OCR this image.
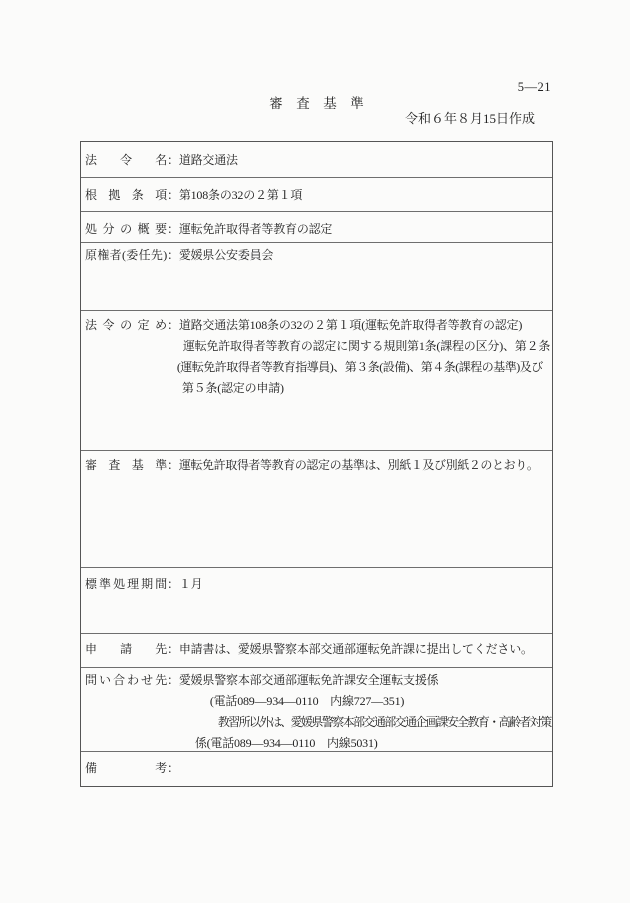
5―21
審　査　基　準
令和６年８月15日作成
法令名 ： 道路交通法
根拠条項 ： 第108条の32の２第１項
処分の概要 ： 運転免許取得者等教育の認定
原権者(委任先) ： 愛媛県公安委員会
法令の定め ： 道路交通法第108条の32の２第１項(運転免許取得者等教育の認定)
運転免許取得者等教育の認定に関する規則第1条(課程の区分)、第２条
(運転免許取得者等教育指導員)、第３条(設備)、第４条(課程の基準)及び
第５条(認定の申請)
審査基準 ： 運転免許取得者等教育の認定の基準は、別紙１及び別紙２のとおり。
標準処理期間 ： １月
申請先 ： 申請書は、愛媛県警察本部交通部運転免許課に提出してください。
問い合わせ先 ： 愛媛県警察本部交通部運転免許課安全運転支援係
(電話089―934―0110　内線727―351)
教習所以外は、愛媛県警察本部交通部交通企画課安全教育・高齢者対策
係(電話089―934―0110　内線5031)
備考 ：
